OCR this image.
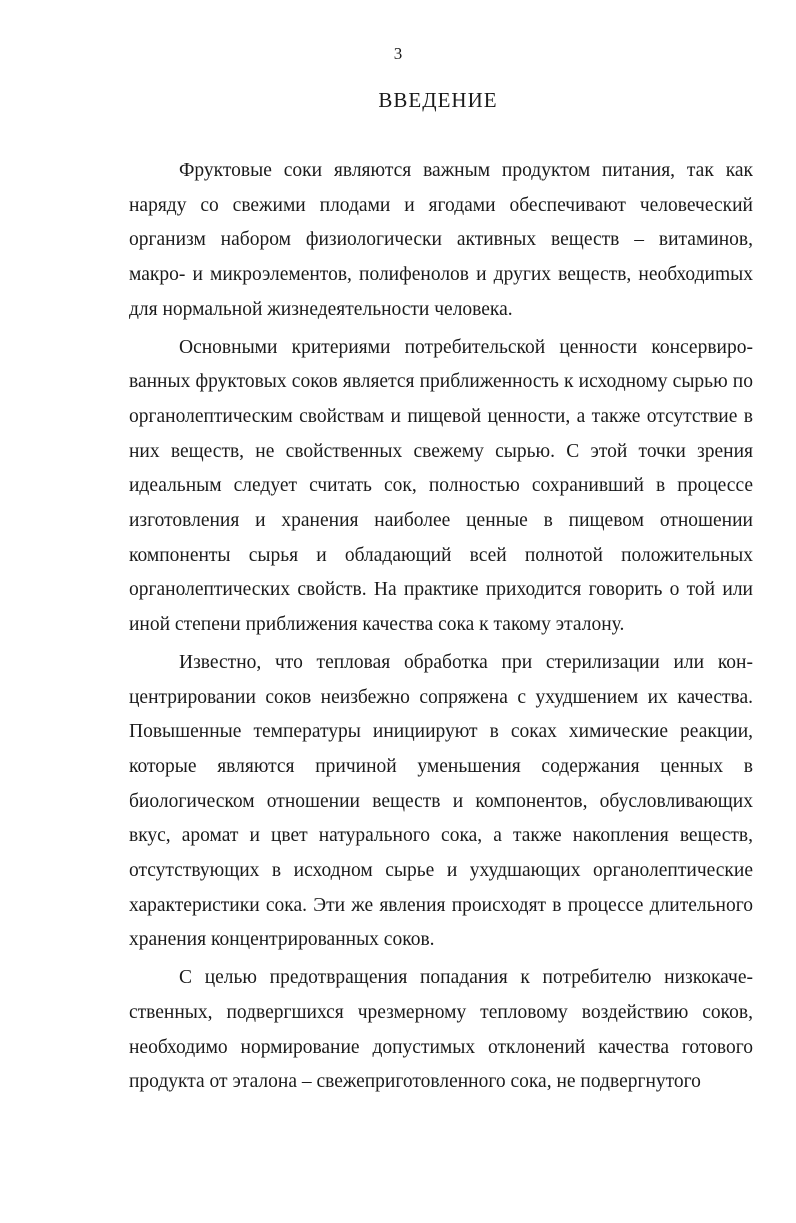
3
ВВЕДЕНИЕ

Фруктовые соки являются важным продуктом питания, так как наряду со свежими плодами и ягодами обеспечивают человеческий организм набором физиологически активных веществ – витаминов, макро- и микроэлементов, полифенолов и других веществ, необходиmых для нормальной жизнедеятельности человека.

Основными критериями потребительской ценности консервированных фруктовых соков является приближенность к исходному сырью по органолептическим свойствам и пищевой ценности, а также отсутствие в них веществ, не свойственных свежему сырью. С этой точки зрения идеальным следует считать сок, полностью сохранивший в процессе изготовления и хранения наиболее ценные в пищевом отношении компоненты сырья и обладающий всей полнотой положительных органолептических свойств. На практике приходится говорить о той или иной степени приближения качества сока к такому эталону.

Известно, что тепловая обработка при стерилизации или концентрировании соков неизбежно сопряжена с ухудшением их качества. Повышенные температуры инициируют в соках химические реакции, которые являются причиной уменьшения содержания ценных в биологическом отношении веществ и компонентов, обусловливающих вкус, аромат и цвет натурального сока, а также накопления веществ, отсутствующих в исходном сырье и ухудшающих органолептические характеристики сока. Эти же явления происходят в процессе длительного хранения концентрированных соков.

С целью предотвращения попадания к потребителю низкокачественных, подвергшихся чрезмерному тепловому воздействию соков, необходимо нормирование допустимых отклонений качества готового продукта от эталона – свежеприготовленного сока, не подвергнутого
